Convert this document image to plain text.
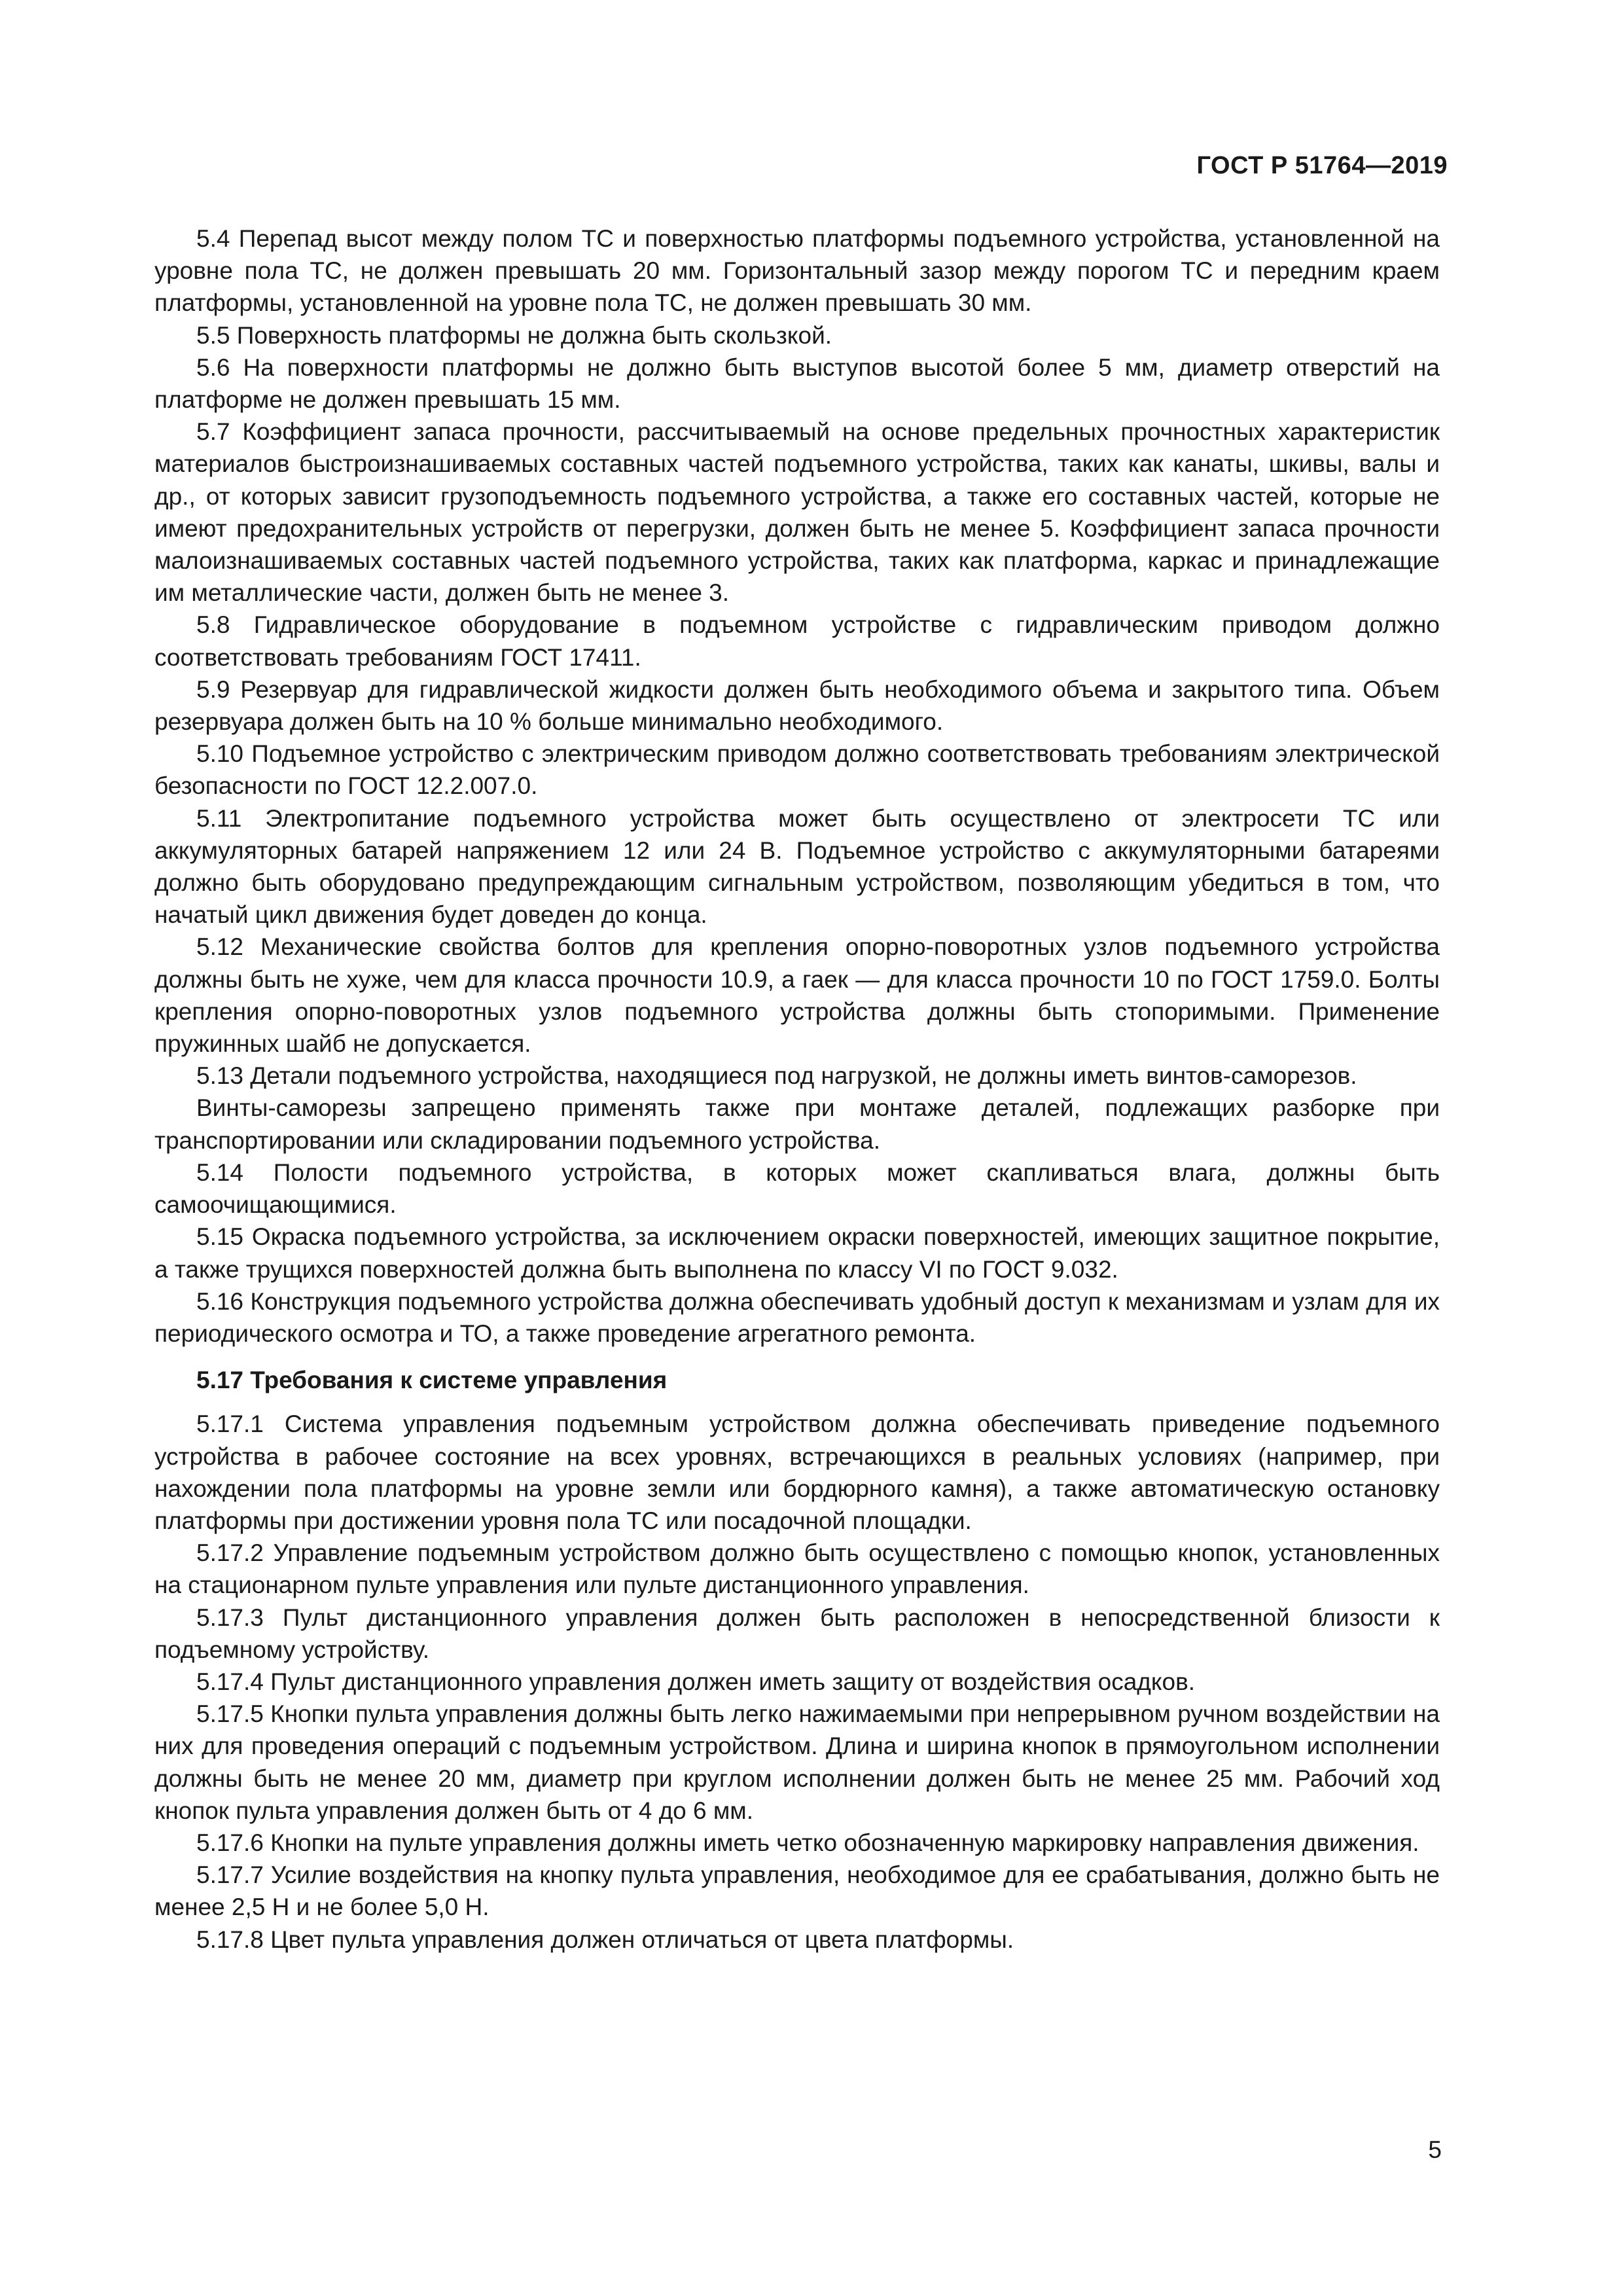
ГОСТ Р 51764—2019

5.4 Перепад высот между полом ТС и поверхностью платформы подъемного устройства, установленной на уровне пола ТС, не должен превышать 20 мм. Горизонтальный зазор между порогом ТС и передним краем платформы, установленной на уровне пола ТС, не должен превышать 30 мм.

5.5 Поверхность платформы не должна быть скользкой.

5.6 На поверхности платформы не должно быть выступов высотой более 5 мм, диаметр отверстий на платформе не должен превышать 15 мм.

5.7 Коэффициент запаса прочности, рассчитываемый на основе предельных прочностных характеристик материалов быстроизнашиваемых составных частей подъемного устройства, таких как канаты, шкивы, валы и др., от которых зависит грузоподъемность подъемного устройства, а также его составных частей, которые не имеют предохранительных устройств от перегрузки, должен быть не менее 5. Коэффициент запаса прочности малоизнашиваемых составных частей подъемного устройства, таких как платформа, каркас и принадлежащие им металлические части, должен быть не менее 3.

5.8 Гидравлическое оборудование в подъемном устройстве с гидравлическим приводом должно соответствовать требованиям ГОСТ 17411.

5.9 Резервуар для гидравлической жидкости должен быть необходимого объема и закрытого типа. Объем резервуара должен быть на 10 % больше минимально необходимого.

5.10 Подъемное устройство с электрическим приводом должно соответствовать требованиям электрической безопасности по ГОСТ 12.2.007.0.

5.11 Электропитание подъемного устройства может быть осуществлено от электросети ТС или аккумуляторных батарей напряжением 12 или 24 В. Подъемное устройство с аккумуляторными батареями должно быть оборудовано предупреждающим сигнальным устройством, позволяющим убедиться в том, что начатый цикл движения будет доведен до конца.

5.12 Механические свойства болтов для крепления опорно-поворотных узлов подъемного устройства должны быть не хуже, чем для класса прочности 10.9, а гаек — для класса прочности 10 по ГОСТ 1759.0. Болты крепления опорно-поворотных узлов подъемного устройства должны быть стопоримыми. Применение пружинных шайб не допускается.

5.13 Детали подъемного устройства, находящиеся под нагрузкой, не должны иметь винтов-саморезов.

Винты-саморезы запрещено применять также при монтаже деталей, подлежащих разборке при транспортировании или складировании подъемного устройства.

5.14 Полости подъемного устройства, в которых может скапливаться влага, должны быть самоочищающимися.

5.15 Окраска подъемного устройства, за исключением окраски поверхностей, имеющих защитное покрытие, а также трущихся поверхностей должна быть выполнена по классу VI по ГОСТ 9.032.

5.16 Конструкция подъемного устройства должна обеспечивать удобный доступ к механизмам и узлам для их периодического осмотра и ТО, а также проведение агрегатного ремонта.

5.17 Требования к системе управления

5.17.1 Система управления подъемным устройством должна обеспечивать приведение подъемного устройства в рабочее состояние на всех уровнях, встречающихся в реальных условиях (например, при нахождении пола платформы на уровне земли или бордюрного камня), а также автоматическую остановку платформы при достижении уровня пола ТС или посадочной площадки.

5.17.2 Управление подъемным устройством должно быть осуществлено с помощью кнопок, установленных на стационарном пульте управления или пульте дистанционного управления.

5.17.3 Пульт дистанционного управления должен быть расположен в непосредственной близости к подъемному устройству.

5.17.4 Пульт дистанционного управления должен иметь защиту от воздействия осадков.

5.17.5 Кнопки пульта управления должны быть легко нажимаемыми при непрерывном ручном воздействии на них для проведения операций с подъемным устройством. Длина и ширина кнопок в прямоугольном исполнении должны быть не менее 20 мм, диаметр при круглом исполнении должен быть не менее 25 мм. Рабочий ход кнопок пульта управления должен быть от 4 до 6 мм.

5.17.6 Кнопки на пульте управления должны иметь четко обозначенную маркировку направления движения.

5.17.7 Усилие воздействия на кнопку пульта управления, необходимое для ее срабатывания, должно быть не менее 2,5 Н и не более 5,0 Н.

5.17.8 Цвет пульта управления должен отличаться от цвета платформы.

5
